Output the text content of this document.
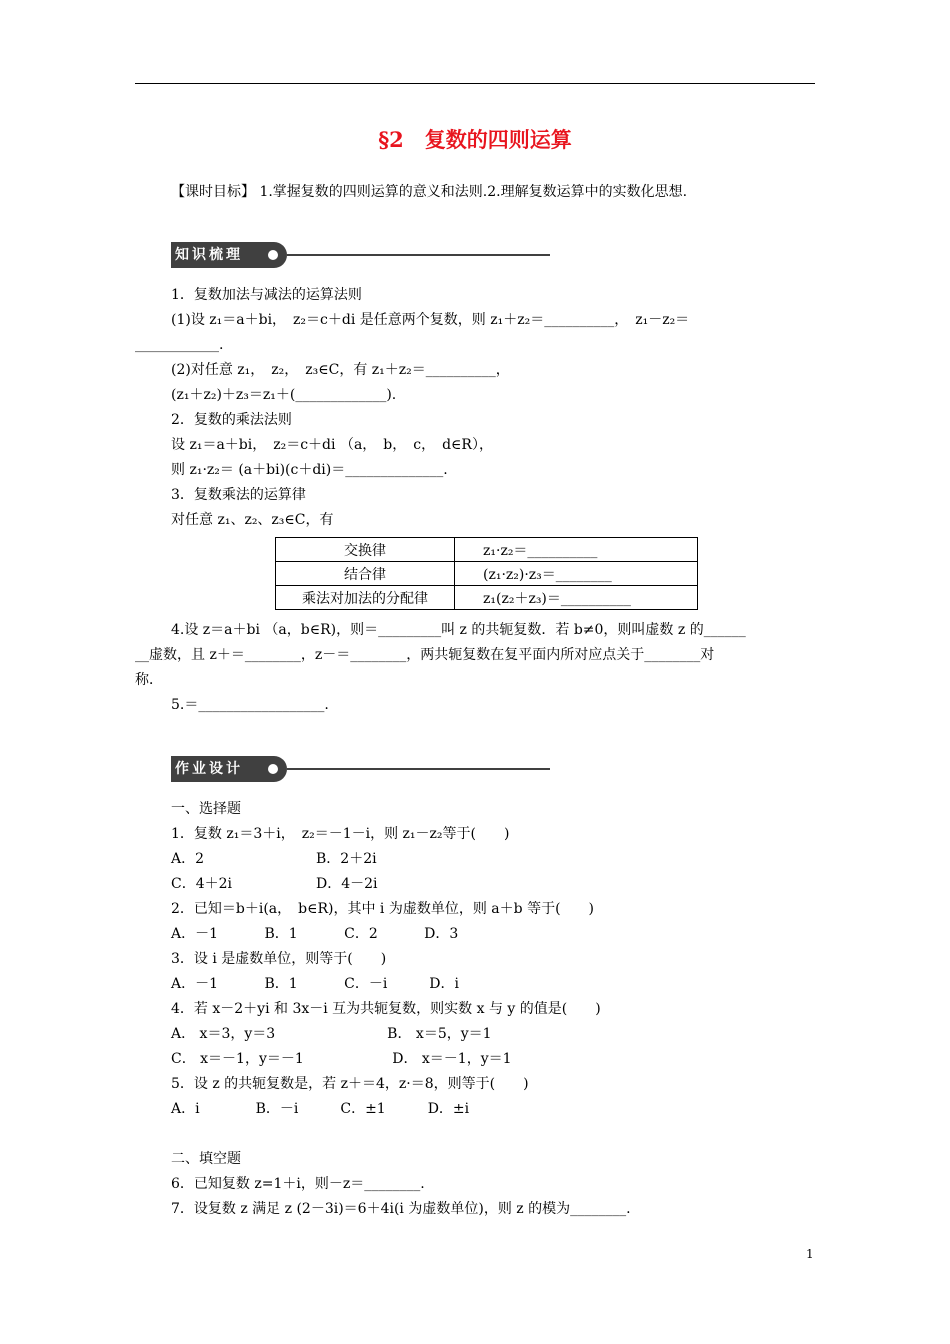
§2　复数的四则运算
【课时目标】 1.掌握复数的四则运算的意义和法则.2.理解复数运算中的实数化思想.
知识梳理
1．复数加法与减法的运算法则
(1)设 z₁＝a＋bi，　z₂＝c＋di 是任意两个复数，则 z₁＋z₂＝__________，　z₁－z₂＝
____________.
(2)对任意 z₁，　z₂，　z₃∈C，有 z₁＋z₂＝__________，
(z₁＋z₂)＋z₃＝z₁＋(_____________).
2．复数的乘法法则
设 z₁＝a＋bi，　z₂＝c＋di （a，　b，　c，　d∈R），
则 z₁·z₂＝ (a＋bi)(c＋di)＝______________.
3．复数乘法的运算律
对任意 z₁、z₂、z₃∈C，有
交换律	z₁·z₂＝__________
结合律	(z₁·z₂)·z₃＝________
乘法对加法的分配律	z₁(z₂＋z₃)＝__________
4.设 z＝a＋bi （a，b∈R)，则＝_________叫 z 的共轭复数．若 b≠0，则叫虚数 z 的______
__虚数，且 z＋＝________，z－＝________，两共轭复数在复平面内所对应点关于________对
称．
5.＝__________________.
作业设计
一、选择题
1．复数 z₁＝3＋i，　z₂＝－1－i，则 z₁－z₂等于(　　)
A．2　　　　　　　　B．2＋2i
C．4＋2i　　　　　　D．4－2i
2．已知＝b＋i(a，　b∈R)，其中 i 为虚数单位，则 a＋b 等于(　　)
A．－1　　　 B．1　　　 C．2　　　 D．3
3．设 i 是虚数单位，则等于(　　)
A．－1　　　 B．1　　　 C．－i　　　D．i
4．若 x－2＋yi 和 3x－i 互为共轭复数，则实数 x 与 y 的值是(　　)
A． x＝3，y＝3　　　　　　　　B． x＝5，y＝1
C． x＝－1，y＝－1　　　　　　 D． x＝－1，y＝1
5．设 z 的共轭复数是，若 z＋＝4，z·＝8，则等于(　　)
A．i　　　　B．－i　　　C．±1　　　D．±i
二、填空题
6．已知复数 z=1＋i，则－z＝________.
7．设复数 z 满足 z (2－3i)＝6＋4i(i 为虚数单位)，则 z 的模为________.
1
